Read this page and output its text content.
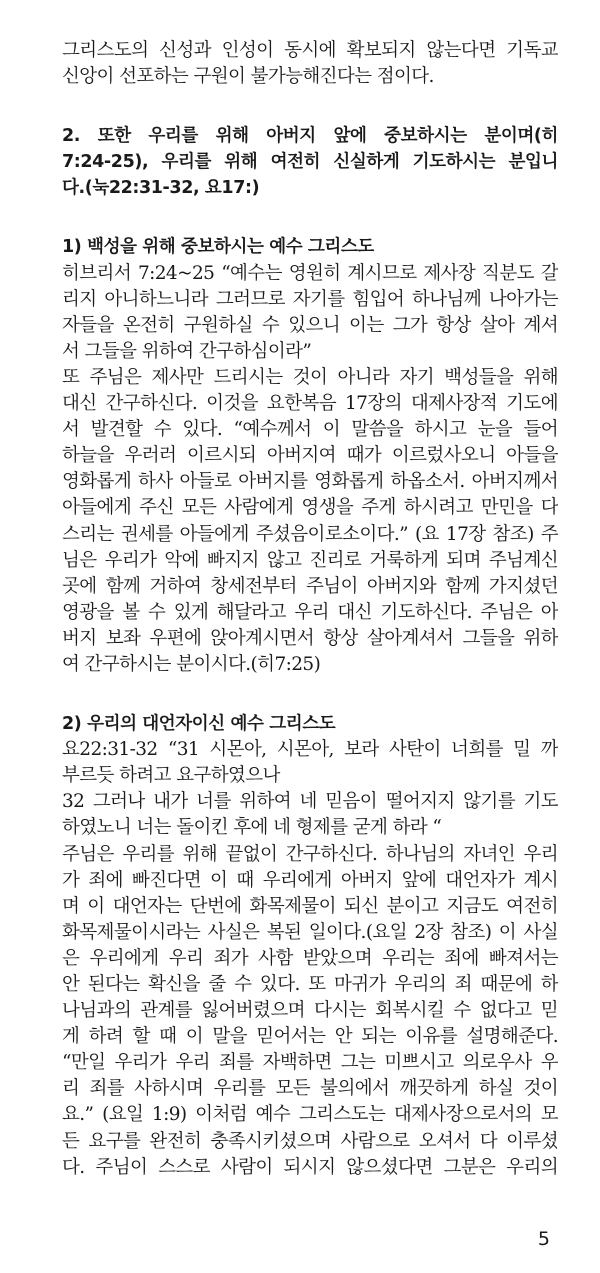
그리스도의 신성과 인성이 동시에 확보되지 않는다면 기독교
신앙이 선포하는 구원이 불가능해진다는 점이다.
2. 또한 우리를 위해 아버지 앞에 중보하시는 분이며(히
7:24-25), 우리를 위해 여전히 신실하게 기도하시는 분입니
다.(눅22:31-32, 요17:)
1) 백성을 위해 중보하시는 예수 그리스도
히브리서 7:24~25 “예수는 영원히 계시므로 제사장 직분도 갈
리지 아니하느니라 그러므로 자기를 힘입어 하나님께 나아가는
자들을 온전히 구원하실 수 있으니 이는 그가 항상 살아 계셔
서 그들을 위하여 간구하심이라”
또 주님은 제사만 드리시는 것이 아니라 자기 백성들을 위해
대신 간구하신다. 이것을 요한복음 17장의 대제사장적 기도에
서 발견할 수 있다. “예수께서 이 말씀을 하시고 눈을 들어
하늘을 우러러 이르시되 아버지여 때가 이르렀사오니 아들을
영화롭게 하사 아들로 아버지를 영화롭게 하옵소서. 아버지께서
아들에게 주신 모든 사람에게 영생을 주게 하시려고 만민을 다
스리는 권세를 아들에게 주셨음이로소이다.” (요 17장 참조) 주
님은 우리가 악에 빠지지 않고 진리로 거룩하게 되며 주님계신
곳에 함께 거하여 창세전부터 주님이 아버지와 함께 가지셨던
영광을 볼 수 있게 해달라고 우리 대신 기도하신다. 주님은 아
버지 보좌 우편에 앉아계시면서 항상 살아계셔서 그들을 위하
여 간구하시는 분이시다.(히7:25)
2) 우리의 대언자이신 예수 그리스도
요22:31-32 “31 시몬아, 시몬아, 보라 사탄이 너희를 밀 까
부르듯 하려고 요구하였으나
32 그러나 내가 너를 위하여 네 믿음이 떨어지지 않기를 기도
하였노니 너는 돌이킨 후에 네 형제를 굳게 하라 “
주님은 우리를 위해 끝없이 간구하신다. 하나님의 자녀인 우리
가 죄에 빠진다면 이 때 우리에게 아버지 앞에 대언자가 계시
며 이 대언자는 단번에 화목제물이 되신 분이고 지금도 여전히
화목제물이시라는 사실은 복된 일이다.(요일 2장 참조) 이 사실
은 우리에게 우리 죄가 사함 받았으며 우리는 죄에 빠져서는
안 된다는 확신을 줄 수 있다. 또 마귀가 우리의 죄 때문에 하
나님과의 관계를 잃어버렸으며 다시는 회복시킬 수 없다고 믿
게 하려 할 때 이 말을 믿어서는 안 되는 이유를 설명해준다.
“만일 우리가 우리 죄를 자백하면 그는 미쁘시고 의로우사 우
리 죄를 사하시며 우리를 모든 불의에서 깨끗하게 하실 것이
요.” (요일 1:9) 이처럼 예수 그리스도는 대제사장으로서의 모
든 요구를 완전히 충족시키셨으며 사람으로 오셔서 다 이루셨
다. 주님이 스스로 사람이 되시지 않으셨다면 그분은 우리의
5
